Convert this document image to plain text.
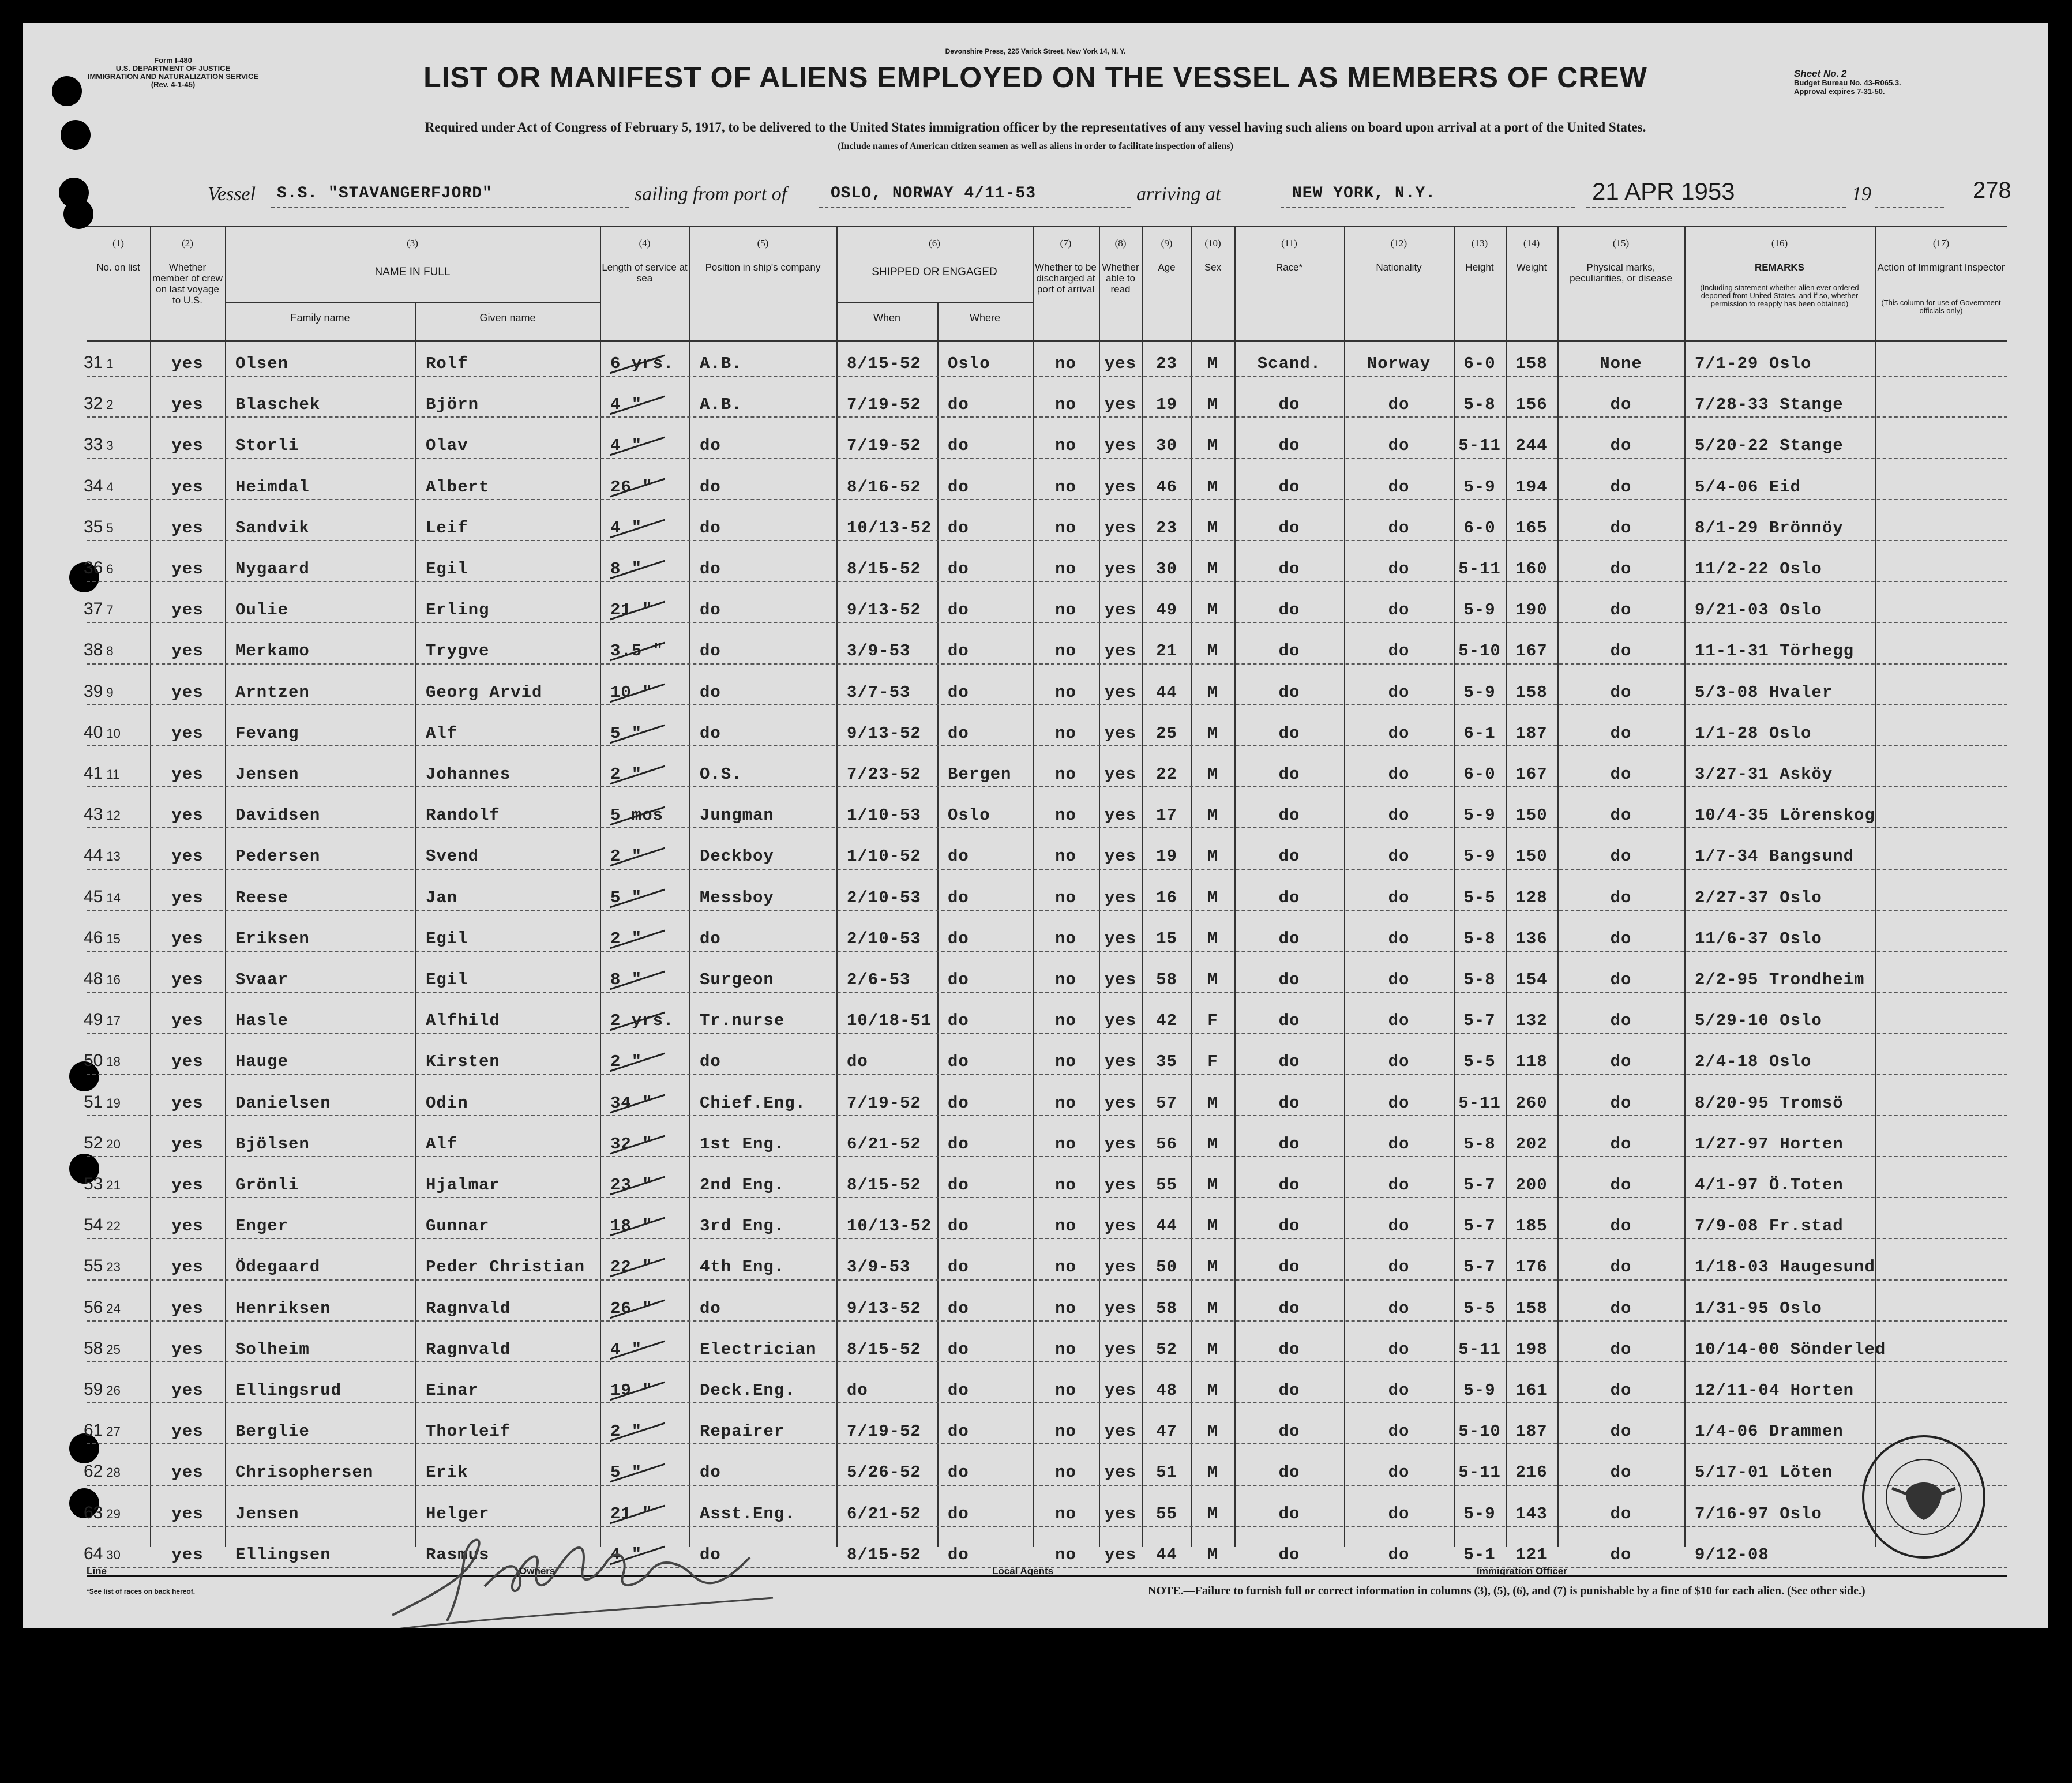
Form I-480
U.S. DEPARTMENT OF JUSTICE
IMMIGRATION AND NATURALIZATION SERVICE
(Rev. 4-1-45)
Devonshire Press, 225 Varick Street, New York 14, N. Y.
LIST OR MANIFEST OF ALIENS EMPLOYED ON THE VESSEL AS MEMBERS OF CREW	Sheet No. 2
Budget Bureau No. 43-R065.3.
Approval expires 7-31-50.
Required under Act of Congress of February 5, 1917, to be delivered to the United States immigration officer by the representatives of any vessel having such aliens on board upon arrival at a port of the United States.
(Include names of American citizen seamen as well as aliens in order to facilitate inspection of aliens)
Vessel S.S. "STAVANGERFJORD"	sailing from port of	OSLO, NORWAY 4/11-53	arriving at	NEW YORK, N.Y.	21 APR 1953	19	278
(1)
No. on list
(2)
Whether member of crew on last voyage to U.S.
(3)
NAME IN FULL
(4)
Length of service at sea
(5)
Position in ship's company
(6)
SHIPPED OR ENGAGED
(7)
Whether to be discharged at port of arrival
(8)
Whether able to read
(9)
Age
(10)
Sex
(11)
Race*
(12)
Nationality
(13)
Height
(14)
Weight
(15)
Physical marks, peculiarities, or disease
(16)
REMARKS
(17)
Action of Immigrant Inspector
Family name	Given name	When	Where
(Including statement whether alien ever ordered deported from United States, and if so, whether permission to reapply has been obtained)	(This column for use of Government officials only)
31 1	yes	Olsen	Rolf	6 yrs.	A.B.	8/15-52	Oslo	no	yes	23	M	Scand.	Norway	6-0	158	None	7/1-29 Oslo
32 2	yes	Blaschek	Björn	4 "	A.B.	7/19-52	do	no	yes	19	M	do	do	5-8	156	do	7/28-33 Stange
33 3	yes	Storli	Olav	4 "	do	7/19-52	do	no	yes	30	M	do	do	5-11 244	do	5/20-22 Stange
34 4	yes	Heimdal	Albert	26 "	do	8/16-52	do	no	yes	46	M	do	do	5-9	194	do	5/4-06 Eid
35 5	yes	Sandvik	Leif	4 "	do	10/13-52 do	no	yes	23	M	do	do	6-0	165	do	8/1-29 Brönnöy
36 6	yes	Nygaard	Egil	8 "	do	8/15-52	do	no	yes	30	M	do	do	5-11 160	do	11/2-22 Oslo
37 7	yes	Oulie	Erling	21 "	do	9/13-52	do	no	yes	49	M	do	do	5-9	190	do	9/21-03 Oslo
38 8	yes	Merkamo	Trygve	3.5 "	do	3/9-53	do	no	yes	21	M	do	do	5-10 167	do	11-1-31 Törhegg
39 9	yes	Arntzen	Georg Arvid	10 "	do	3/7-53	do	no	yes	44	M	do	do	5-9	158	do	5/3-08 Hvaler
40 10	yes	Fevang	Alf	5 "	do	9/13-52	do	no	yes	25	M	do	do	6-1	187	do	1/1-28 Oslo
41 11	yes	Jensen	Johannes	2 "	O.S.	7/23-52	Bergen	no	yes	22	M	do	do	6-0	167	do	3/27-31 Asköy
43 12	yes	Davidsen	Randolf	5 mos	Jungman	1/10-53	Oslo	no	yes	17	M	do	do	5-9	150	do	10/4-35 Lörenskog
44 13	yes	Pedersen	Svend	2 "	Deckboy	1/10-52	do	no	yes	19	M	do	do	5-9	150	do	1/7-34 Bangsund
45 14	yes	Reese	Jan	5 "	Messboy	2/10-53	do	no	yes	16	M	do	do	5-5	128	do	2/27-37 Oslo
46 15	yes	Eriksen	Egil	2 "	do	2/10-53	do	no	yes	15	M	do	do	5-8	136	do	11/6-37 Oslo
48 16	yes	Svaar	Egil	8 "	Surgeon	2/6-53	do	no	yes	58	M	do	do	5-8	154	do	2/2-95 Trondheim
49 17	yes	Hasle	Alfhild	2 yrs.	Tr.nurse	10/18-51 do	no	yes	42	F	do	do	5-7	132	do	5/29-10 Oslo
50 18	yes	Hauge	Kirsten	2 "	do	do	do	no	yes	35	F	do	do	5-5	118	do	2/4-18 Oslo
51 19	yes	Danielsen	Odin	34 "	Chief.Eng.	7/19-52	do	no	yes	57	M	do	do	5-11 260	do	8/20-95 Tromsö
52 20	yes	Bjölsen	Alf	32 "	1st Eng.	6/21-52	do	no	yes	56	M	do	do	5-8	202	do	1/27-97 Horten
53 21	yes	Grönli	Hjalmar	23 "	2nd Eng.	8/15-52	do	no	yes	55	M	do	do	5-7	200	do	4/1-97 Ö.Toten
54 22	yes	Enger	Gunnar	18 "	3rd Eng.	10/13-52 do	no	yes	44	M	do	do	5-7	185	do	7/9-08 Fr.stad
55 23	yes	Ödegaard	Peder Christian	22 "	4th Eng.	3/9-53	do	no	yes	50	M	do	do	5-7	176	do	1/18-03 Haugesund
56 24	yes	Henriksen	Ragnvald	26 "	do	9/13-52	do	no	yes	58	M	do	do	5-5	158	do	1/31-95 Oslo
58 25	yes	Solheim	Ragnvald	4 "	Electrician	8/15-52	do	no	yes	52	M	do	do	5-11 198	do	10/14-00 Sönderled
59 26	yes	Ellingsrud	Einar	19 "	Deck.Eng.	do	do	no	yes	48	M	do	do	5-9	161	do	12/11-04 Horten
61 27	yes	Berglie	Thorleif	2 "	Repairer	7/19-52	do	no	yes	47	M	do	do	5-10 187	do	1/4-06 Drammen
62 28	yes	Chrisophersen	Erik	5 "	do	5/26-52	do	no	yes	51	M	do	do	5-11 216	do	5/17-01 Löten
63 29	yes	Jensen	Helger	21 "	Asst.Eng.	6/21-52	do	no	yes	55	M	do	do	5-9	143	do	7/16-97 Oslo
64 30	yes	Ellingsen	Rasmus	4 "	do	8/15-52	do	no	yes	44	M	do	do	5-1	121	do	9/12-08
Line	Owners	Local Agents	Immigration Officer
*See list of races on back hereof.	NOTE.—Failure to furnish full or correct information in columns (3), (5), (6), and (7) is punishable by a fine of $10 for each alien. (See other side.)
